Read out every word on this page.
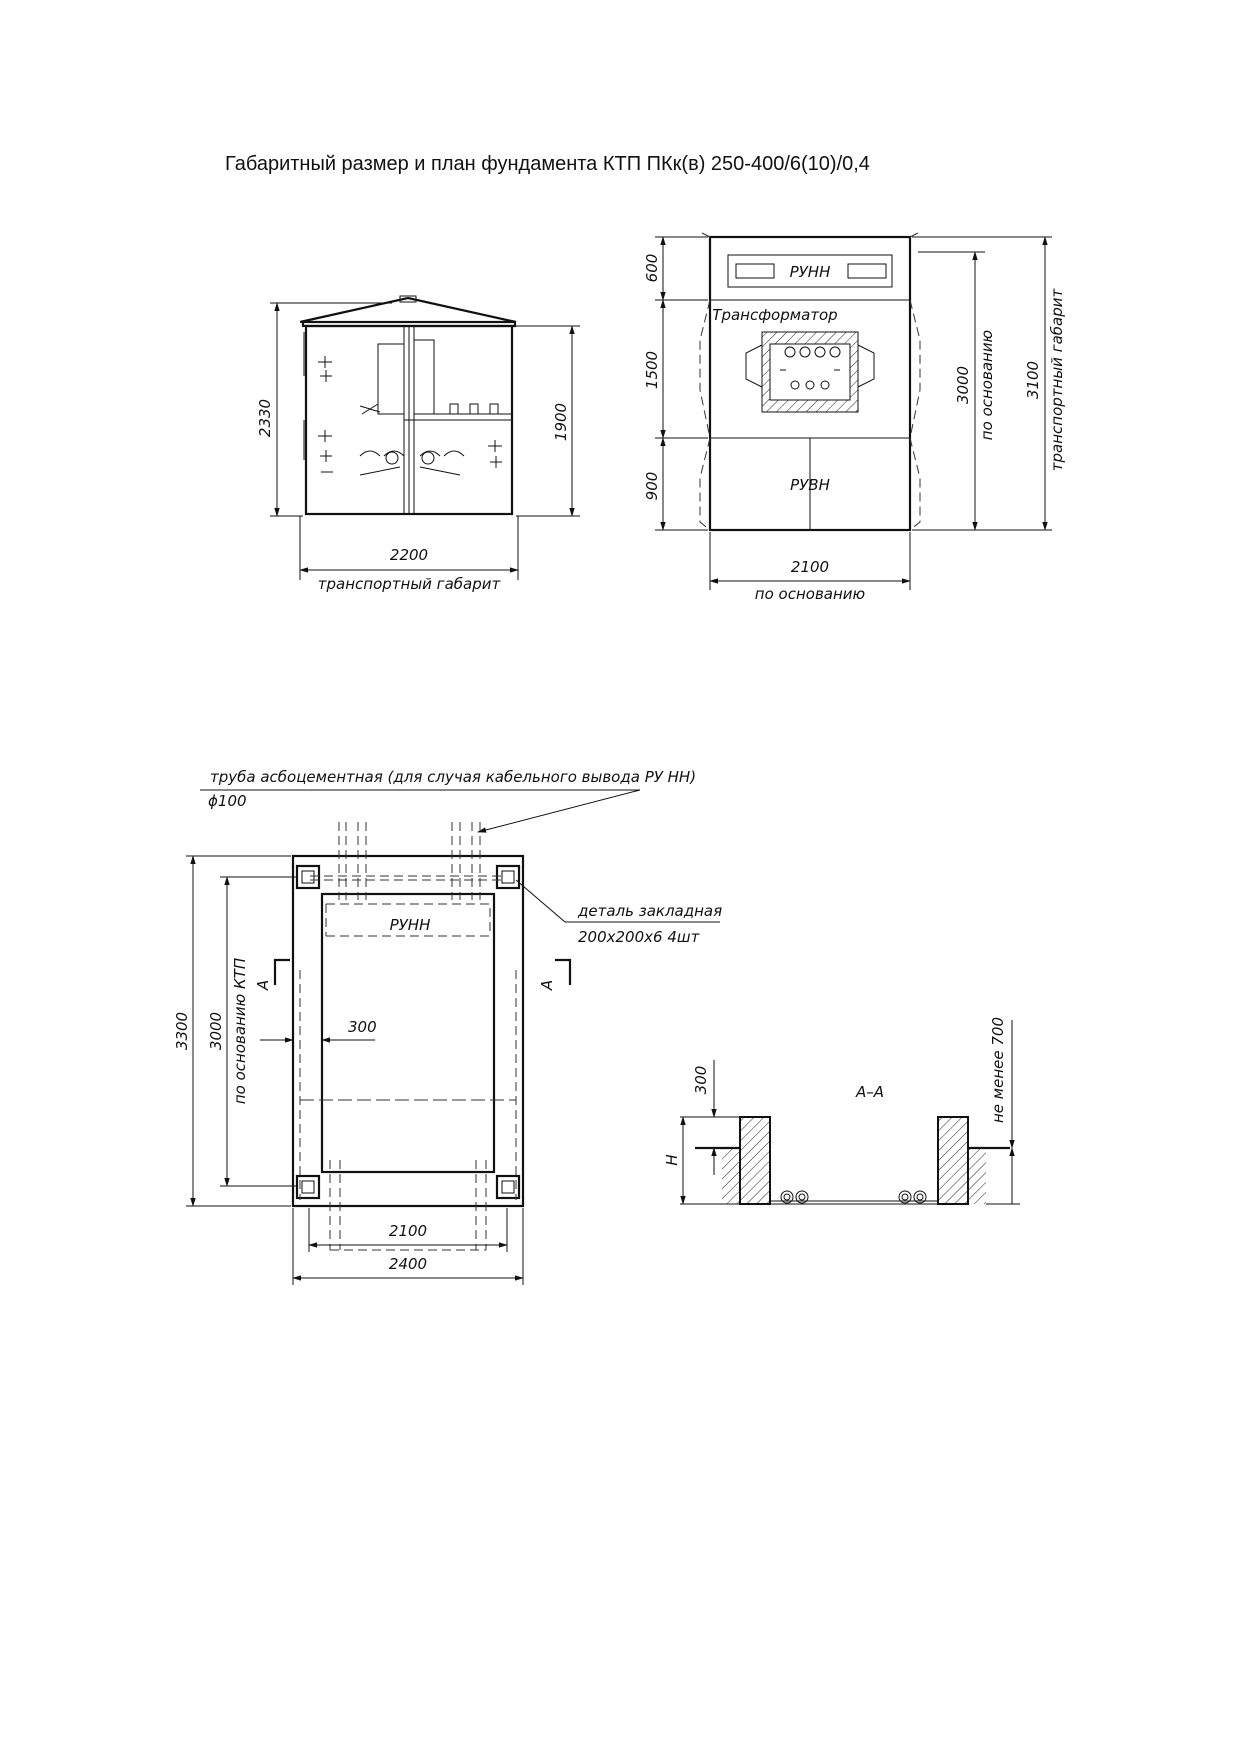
Габаритный размер и план фундамента КТП ПКк(в) 250-400/6(10)/0,4
2330	1900
2200
транспортный габарит
РУНН
Трансформатор
РУВН
600
1500
900
3000 по основанию 3100 транспортный габарит
2100
по основанию
труба асбоцементная (для случая кабельного вывода РУ НН)
ϕ100
РУНН
А	А
300
деталь закладная
200x200x6 4шт
3300 3000 по основанию КТП
2100
2400
А–А
300
H
не менее 700
